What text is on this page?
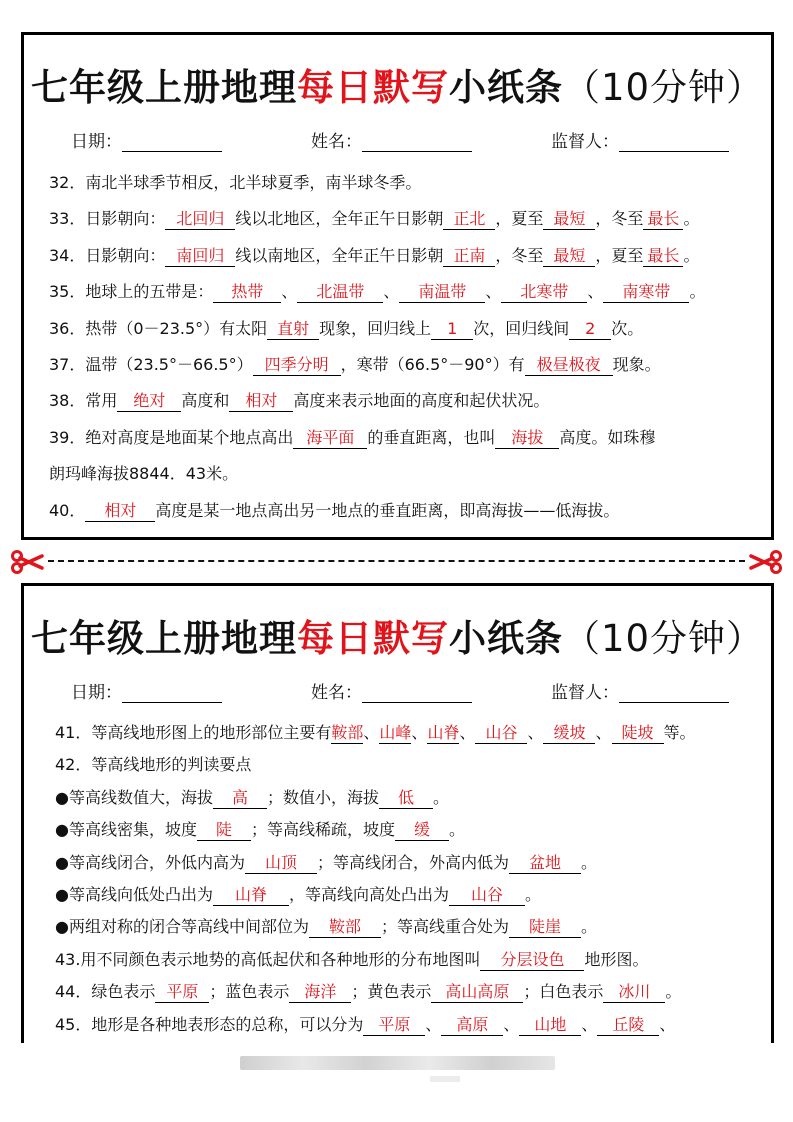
七年级上册地理每日默写小纸条（10分钟）
日期：	姓名：	监督人：
32．南北半球季节相反，北半球夏季，南半球冬季。
33．日影朝向： 北回归 线以北地区，全年正午日影朝 正北 ，夏至 最短 ，冬至 最长 。
34．日影朝向： 南回归 线以南地区，全年正午日影朝 正南 ，冬至 最短 ，夏至 最长 。
35．地球上的五带是： 热带 、 北温带 、 南温带 、 北寒带 、 南寒带 。
36．热带（0－23.5°）有太阳 直射 现象，回归线上 1 次，回归线间 2 次。
37．温带（23.5°－66.5°） 四季分明 ，寒带（66.5°－90°）有 极昼极夜 现象。
38．常用 绝对 高度和 相对 高度来表示地面的高度和起伏状况。
39．绝对高度是地面某个地点高出 海平面 的垂直距离，也叫 海拔 高度。如珠穆
朗玛峰海拔8844．43米。
40． 相对 高度是某一地点高出另一地点的垂直距离，即高海拔——低海拔。
七年级上册地理每日默写小纸条（10分钟）
日期：	姓名：	监督人：
41．等高线地形图上的地形部位主要有鞍部、山峰、山脊、 山谷 、 缓坡 、 陡坡 等。
42．等高线地形的判读要点
●等高线数值大，海拔 高 ；数值小，海拔 低 。
●等高线密集，坡度 陡 ；等高线稀疏，坡度 缓 。
●等高线闭合，外低内高为 山顶 ；等高线闭合，外高内低为 盆地 。
●等高线向低处凸出为 山脊 ，等高线向高处凸出为 山谷 。
●两组对称的闭合等高线中间部位为 鞍部 ；等高线重合处为 陡崖 。
43.用不同颜色表示地势的高低起伏和各种地形的分布地图叫 分层设色 地形图。
44．绿色表示 平原 ；蓝色表示 海洋 ；黄色表示 高山高原 ；白色表示 冰川 。
45．地形是各种地表形态的总称，可以分为 平原 、 高原 、 山地 、 丘陵 、
